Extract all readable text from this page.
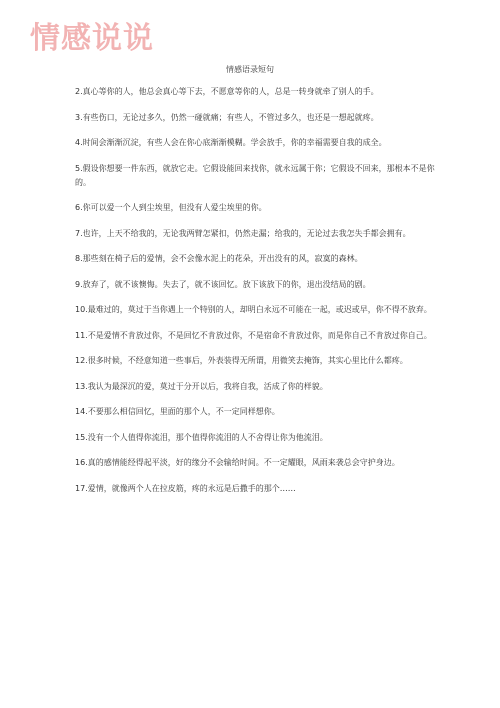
情感说说
情感语录短句
2.真心等你的人，他总会真心等下去，不愿意等你的人，总是一转身就牵了别人的手。
3.有些伤口，无论过多久，仍然一碰就痛；有些人，不管过多久，也还是一想起就疼。
4.时间会渐渐沉淀，有些人会在你心底渐渐模糊。学会放手，你的幸福需要自我的成全。
5.假设你想要一件东西，就放它走。它假设能回来找你，就永远属于你；它假设不回来，那根本不是你的。
6.你可以爱一个人到尘埃里，但没有人爱尘埃里的你。
7.也许，上天不给我的，无论我两臂怎紧扣，仍然走漏；给我的，无论过去我怎失手都会拥有。
8.那些刻在椅子后的爱情，会不会像水泥上的花朵，开出没有的风，寂寞的森林。
9.放弃了，就不该懊悔。失去了，就不该回忆。放下该放下的你，退出没结局的剧。
10.最难过的，莫过于当你遇上一个特别的人，却明白永远不可能在一起，或迟或早，你不得不放弃。
11.不是爱情不肯放过你，不是回忆不肯放过你，不是宿命不肯放过你，而是你自己不肯放过你自己。
12.很多时候，不经意知道一些事后，外表装得无所谓，用微笑去掩饰，其实心里比什么都疼。
13.我认为最深沉的爱，莫过于分开以后，我将自我，活成了你的样貌。
14.不要那么相信回忆，里面的那个人，不一定同样想你。
15.没有一个人值得你流泪，那个值得你流泪的人不舍得让你为他流泪。
16.真的感情能经得起平淡，好的缘分不会输给时间。不一定耀眼，风雨来袭总会守护身边。
17.爱情，就像两个人在拉皮筋，疼的永远是后撒手的那个……
